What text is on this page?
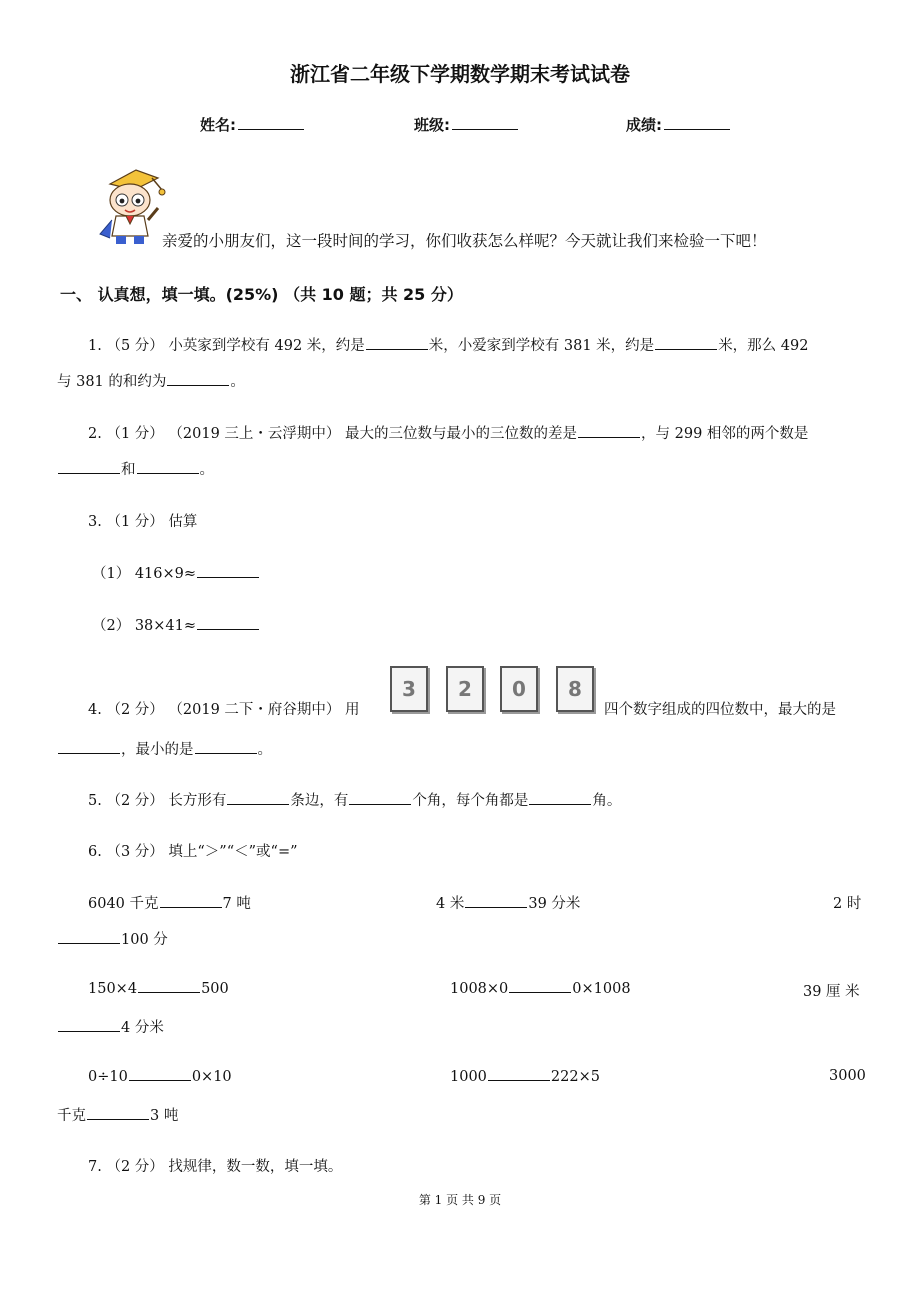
浙江省二年级下学期数学期末考试试卷
姓名:	班级:	成绩:
亲爱的小朋友们，这一段时间的学习，你们收获怎么样呢？今天就让我们来检验一下吧！
一、 认真想，填一填。(25%) （共 10 题；共 25 分）
1. （5 分） 小英家到学校有 492 米，约是	米，小爱家到学校有 381 米，约是	米，那么 492
与 381 的和约为	。
2. （1 分） （2019 三上・云浮期中） 最大的三位数与最小的三位数的差是	，与 299 相邻的两个数是
和	。
3. （1 分） 估算
（1） 416×9≈
（2） 38×41≈
4. （2 分） （2019 二下・府谷期中） 用
3	2	0	8
四个数字组成的四位数中，最大的是
，最小的是	。
5. （2 分） 长方形有	条边，有	个角，每个角都是	角。
6. （3 分） 填上“＞”“＜”或“=”
6040 千克	7 吨	4 米	39 分米	2 时
100 分
150×4	500	1008×0	0×1008	39 厘 米
4 分米
0÷10	0×10	1000	222×5	3000
千克	3 吨
7. （2 分） 找规律，数一数，填一填。
第 1 页 共 9 页
